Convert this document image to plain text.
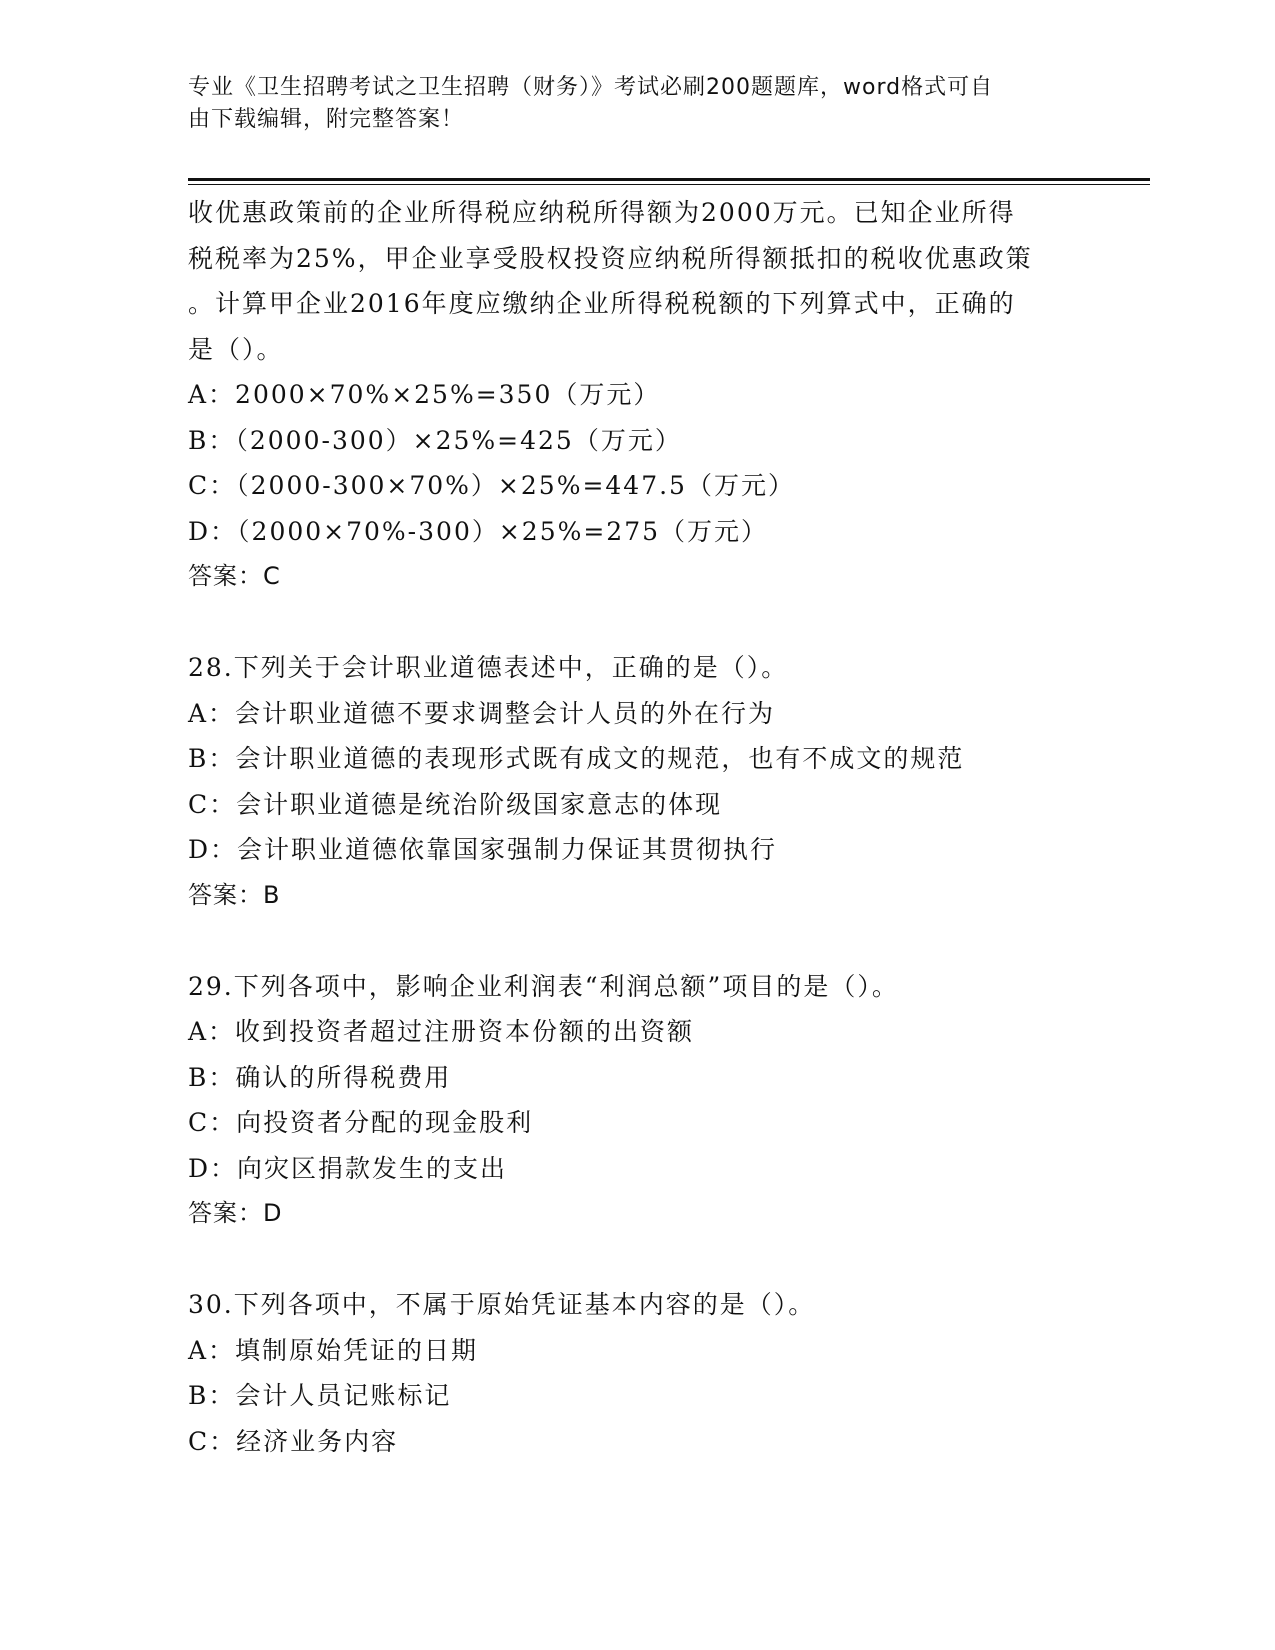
专业《卫生招聘考试之卫生招聘（财务）》考试必刷200题题库，word格式可自
由下载编辑，附完整答案！
收优惠政策前的企业所得税应纳税所得额为2000万元。已知企业所得
税税率为25%，甲企业享受股权投资应纳税所得额抵扣的税收优惠政策
。计算甲企业2016年度应缴纳企业所得税税额的下列算式中，正确的
是（）。
A：2000×70%×25%=350（万元）
B：（2000-300）×25%=425（万元）
C：（2000-300×70%）×25%=447.5（万元）
D：（2000×70%-300）×25%=275（万元）
答案：C
28.下列关于会计职业道德表述中，正确的是（）。
A：会计职业道德不要求调整会计人员的外在行为
B：会计职业道德的表现形式既有成文的规范，也有不成文的规范
C：会计职业道德是统治阶级国家意志的体现
D：会计职业道德依靠国家强制力保证其贯彻执行
答案：B
29.下列各项中，影响企业利润表“利润总额”项目的是（）。
A：收到投资者超过注册资本份额的出资额
B：确认的所得税费用
C：向投资者分配的现金股利
D：向灾区捐款发生的支出
答案：D
30.下列各项中，不属于原始凭证基本内容的是（）。
A：填制原始凭证的日期
B：会计人员记账标记
C：经济业务内容
